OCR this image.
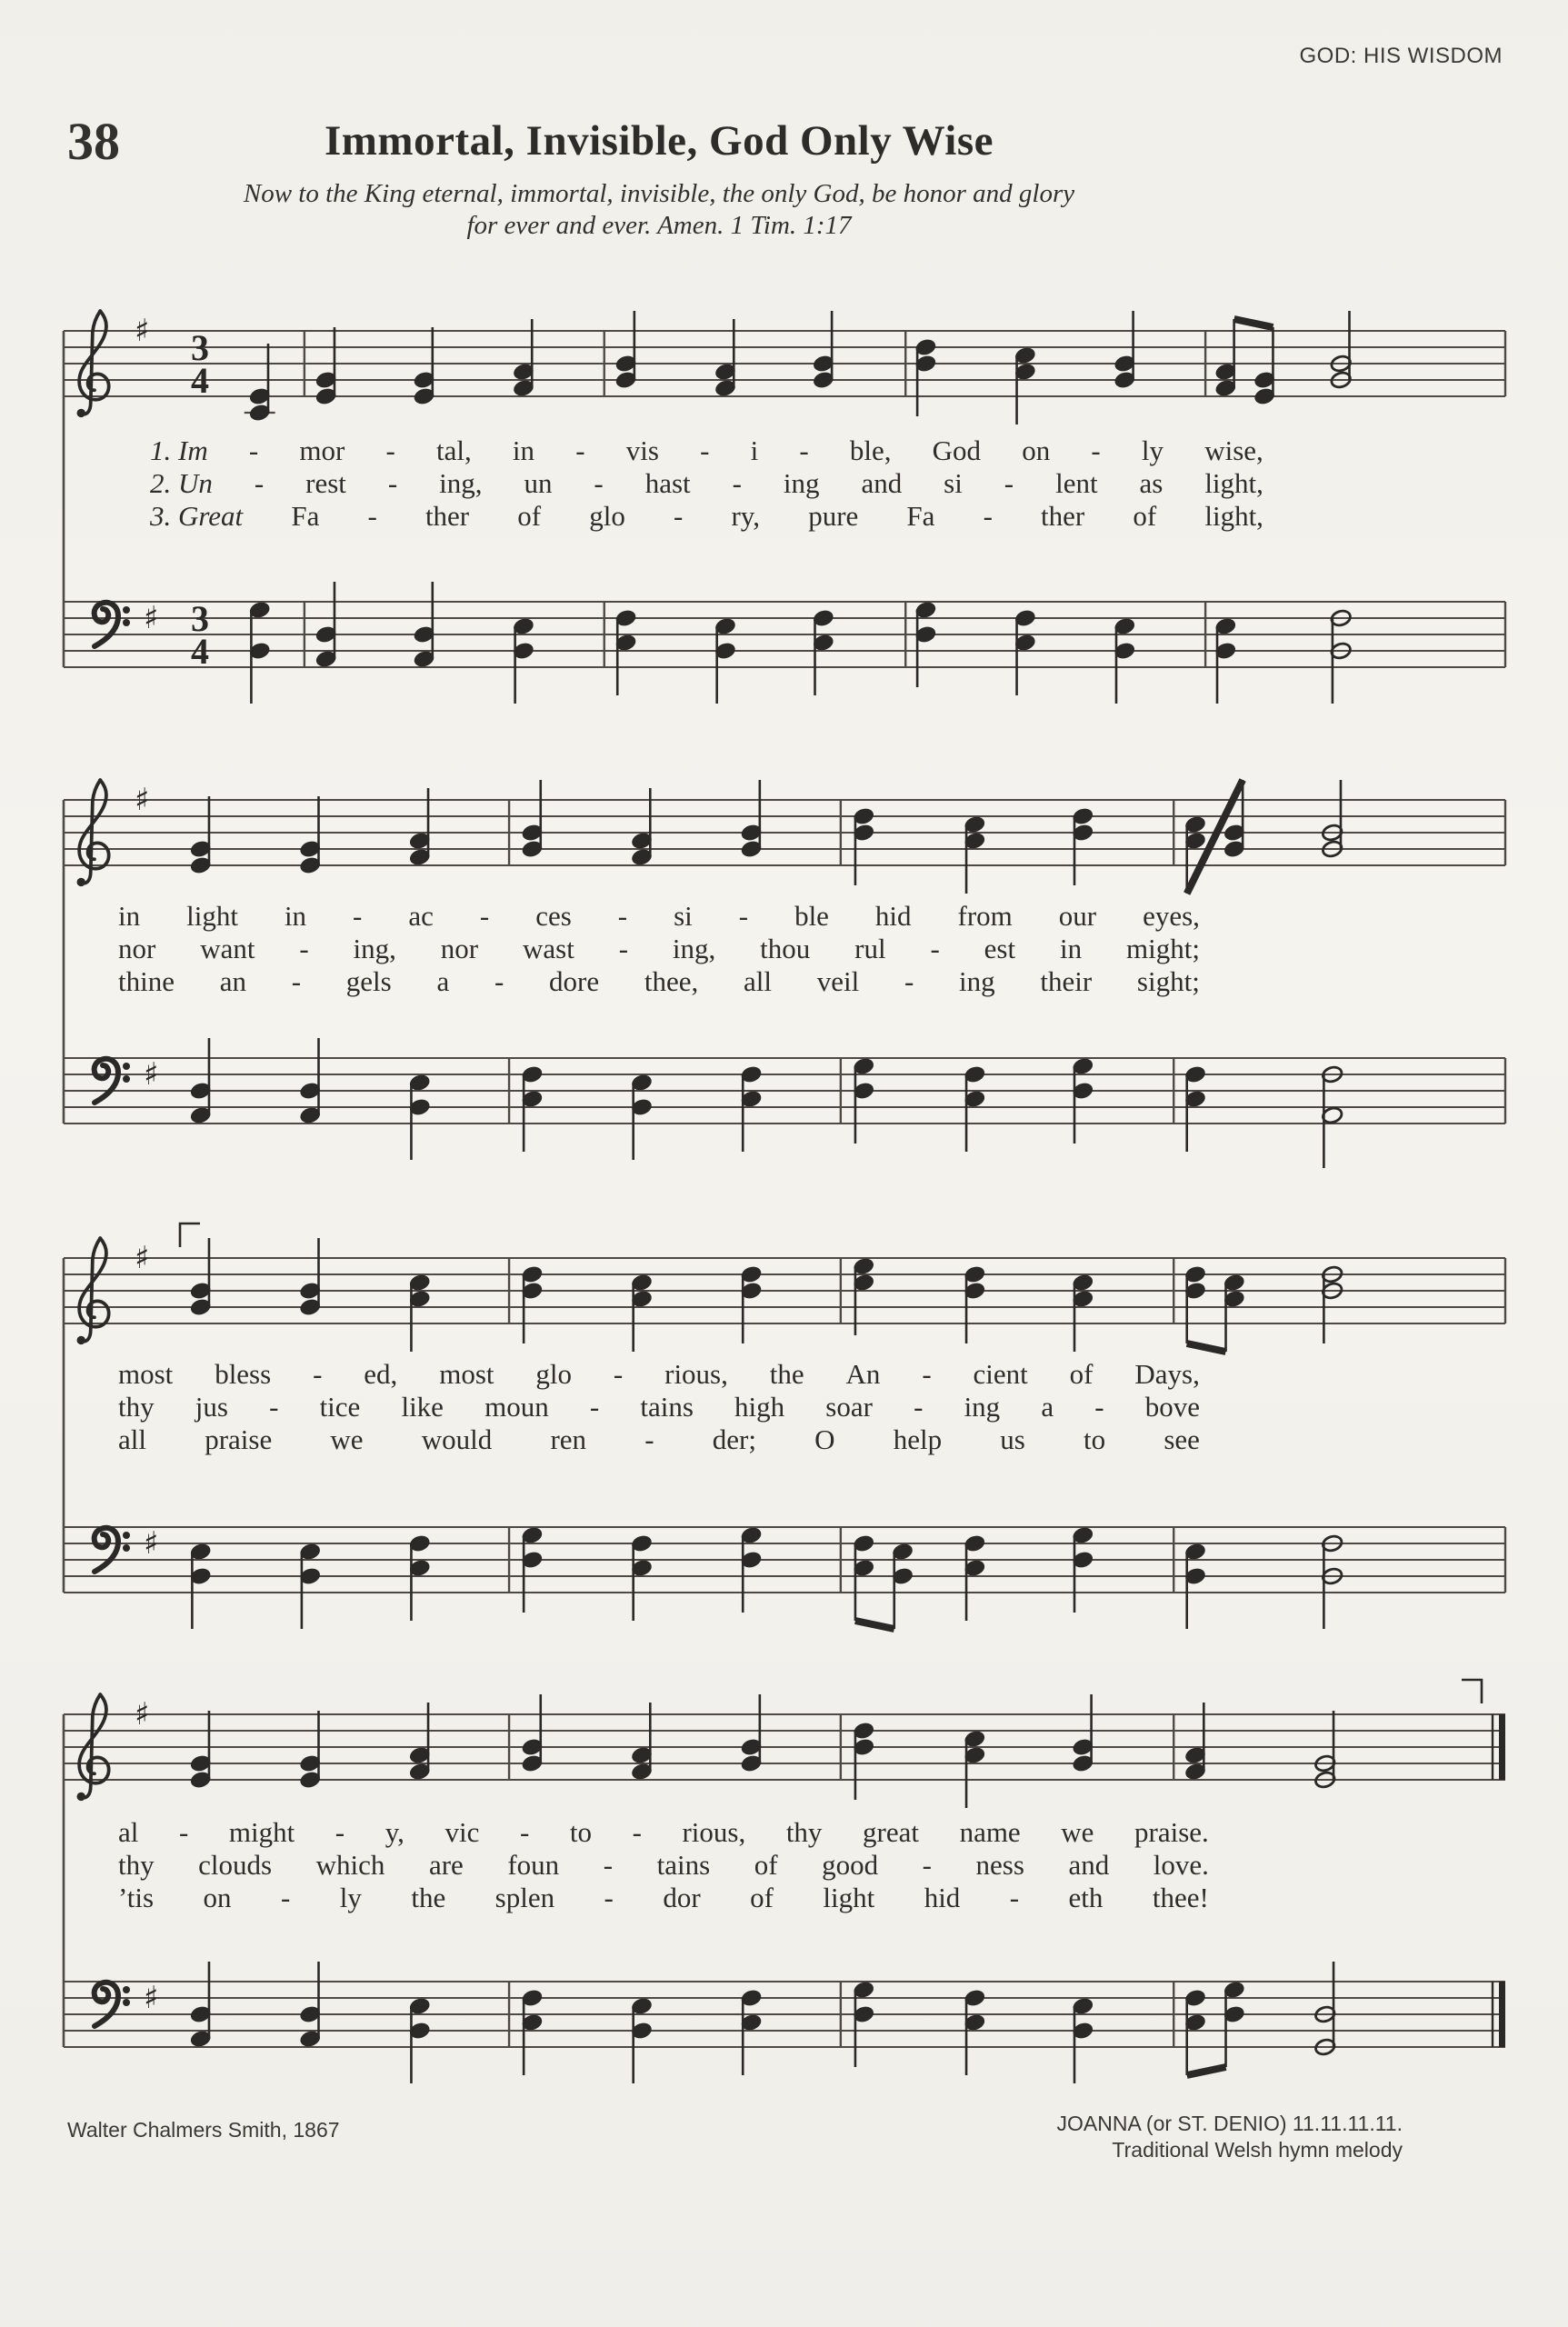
GOD: HIS WISDOM
38	Immortal, Invisible, God Only Wise
Now to the King eternal, immortal, invisible, the only God, be honor and glory
for ever and ever. Amen. 1 Tim. 1:17
♯
♯
3
4
3
4
♯
♯
♯
♯
♯
♯
1. Im - mor - tal, in - vis - i - ble, God on - ly wise,
2. Un - rest - ing, un - hast - ing and si - lent as light,
3. Great Fa - ther of glo - ry, pure Fa - ther of light,
in light in - ac - ces - si - ble hid from our eyes,
nor want - ing, nor wast - ing, thou rul - est in might;
thine an - gels a - dore thee, all veil - ing their sight;
most bless - ed, most glo - rious, the An - cient of Days,
thy jus - tice like moun - tains high soar - ing a - bove
all praise we would ren - der; O help us to see
al - might - y, vic - to - rious, thy great name we praise.
thy clouds which are foun - tains of good - ness and love.
’tis on - ly the splen - dor of light hid - eth thee!
Walter Chalmers Smith, 1867	JOANNA (or ST. DENIO) 11.11.11.11.
Traditional Welsh hymn melody
